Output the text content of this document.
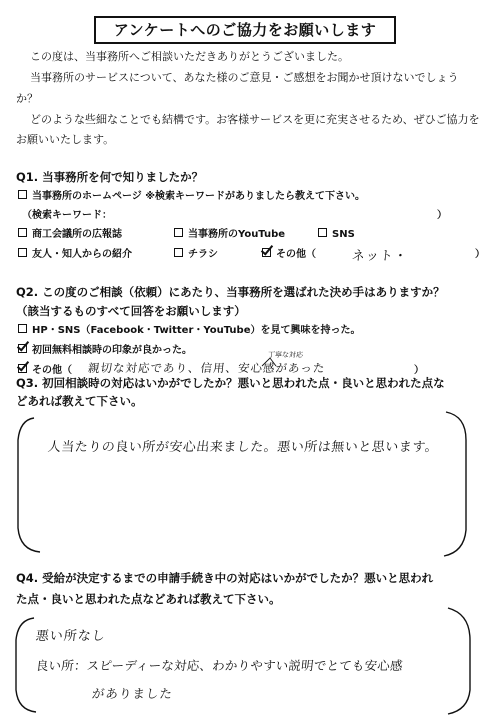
アンケートへのご協力をお願いします
この度は、当事務所へご相談いただきありがとうございました。
当事務所のサービスについて、あなた様のご意見・ご感想をお聞かせ頂けないでしょう
か？
どのような些細なことでも結構です。お客様サービスを更に充実させるため、ぜひご協力を
お願いいたします。
Q1. 当事務所を何で知りましたか？
当事務所のホームページ ※検索キーワードがありましたら教えて下さい。
（検索キーワード：	）
商工会議所の広報誌	当事務所のYouTube	SNS
友人・知人からの紹介	チラシ	その他（	ネット・	）
Q2. この度のご相談（依頼）にあたり、当事務所を選ばれた決め手はありますか？
（該当するものすべて回答をお願いします）
HP・SNS（Facebook・Twitter・YouTube）を見て興味を持った。
初回無料相談時の印象が良かった。
その他（ 親切な対応であり、信用、安心感があった
丁寧な対応
）
Q3. 初回相談時の対応はいかがでしたか？悪いと思われた点・良いと思われた点な
どあれば教えて下さい。
人当たりの良い所が安心出来ました。悪い所は無いと思います。
Q4. 受給が決定するまでの申請手続き中の対応はいかがでしたか？悪いと思われ
た点・良いと思われた点などあれば教えて下さい。
悪い所なし
良い所：スピーディーな対応、わかりやすい説明でとても安心感
がありました
